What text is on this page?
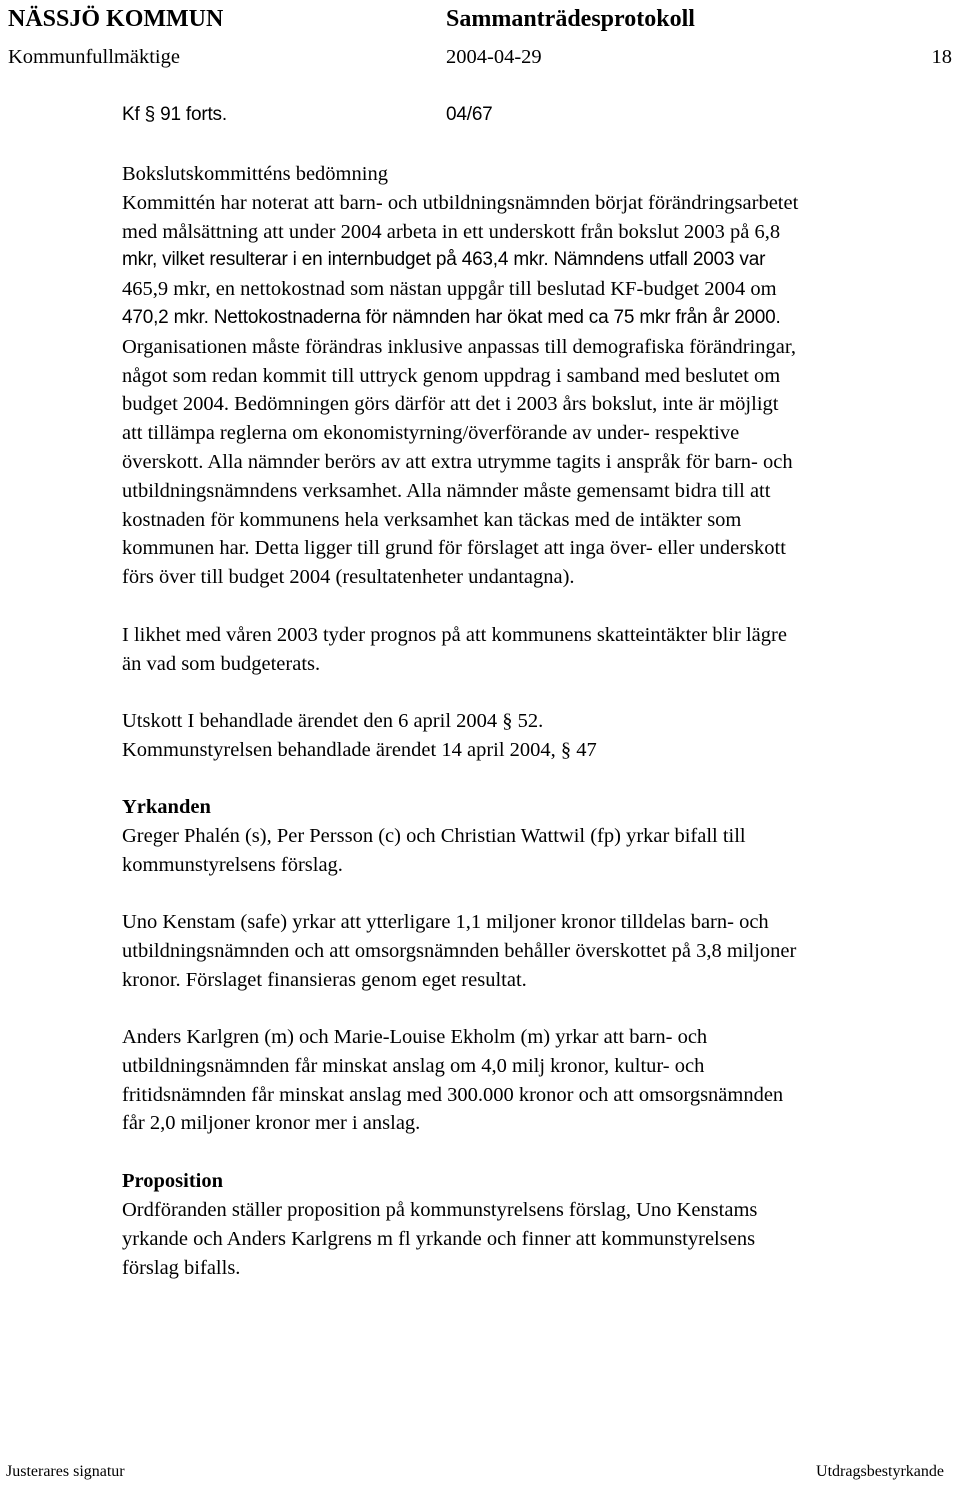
NÄSSJÖ KOMMUN	Sammanträdesprotokoll
Kommunfullmäktige	2004-04-29	18
Kf § 91 forts.	04/67
Bokslutskommitténs bedömning
Kommittén har noterat att barn- och utbildningsnämnden börjat förändringsarbetet
med målsättning att under 2004 arbeta in ett underskott från bokslut 2003 på 6,8
mkr, vilket resulterar i en internbudget på 463,4 mkr. Nämndens utfall 2003 var
465,9 mkr, en nettokostnad som nästan uppgår till beslutad KF-budget 2004 om
470,2 mkr. Nettokostnaderna för nämnden har ökat med ca 75 mkr från år 2000.
Organisationen måste förändras inklusive anpassas till demografiska förändringar,
något som redan kommit till uttryck genom uppdrag i samband med beslutet om
budget 2004. Bedömningen görs därför att det i 2003 års bokslut, inte är möjligt
att tillämpa reglerna om ekonomistyrning/överförande av under- respektive
överskott. Alla nämnder berörs av att extra utrymme tagits i anspråk för barn- och
utbildningsnämndens verksamhet. Alla nämnder måste gemensamt bidra till att
kostnaden för kommunens hela verksamhet kan täckas med de intäkter som
kommunen har. Detta ligger till grund för förslaget att inga över- eller underskott
förs över till budget 2004 (resultatenheter undantagna).
I likhet med våren 2003 tyder prognos på att kommunens skatteintäkter blir lägre
än vad som budgeterats.
Utskott I behandlade ärendet den 6 april 2004 § 52.
Kommunstyrelsen behandlade ärendet 14 april 2004, § 47
Yrkanden
Greger Phalén (s), Per Persson (c) och Christian Wattwil (fp) yrkar bifall till
kommunstyrelsens förslag.
Uno Kenstam (safe) yrkar att ytterligare 1,1 miljoner kronor tilldelas barn- och
utbildningsnämnden och att omsorgsnämnden behåller överskottet på 3,8 miljoner
kronor. Förslaget finansieras genom eget resultat.
Anders Karlgren (m) och Marie-Louise Ekholm (m) yrkar att barn- och
utbildningsnämnden får minskat anslag om 4,0 milj kronor, kultur- och
fritidsnämnden får minskat anslag med 300.000 kronor och att omsorgsnämnden
får 2,0 miljoner kronor mer i anslag.
Proposition
Ordföranden ställer proposition på kommunstyrelsens förslag, Uno Kenstams
yrkande och Anders Karlgrens m fl yrkande och finner att kommunstyrelsens
förslag bifalls.
Justerares signatur	Utdragsbestyrkande
